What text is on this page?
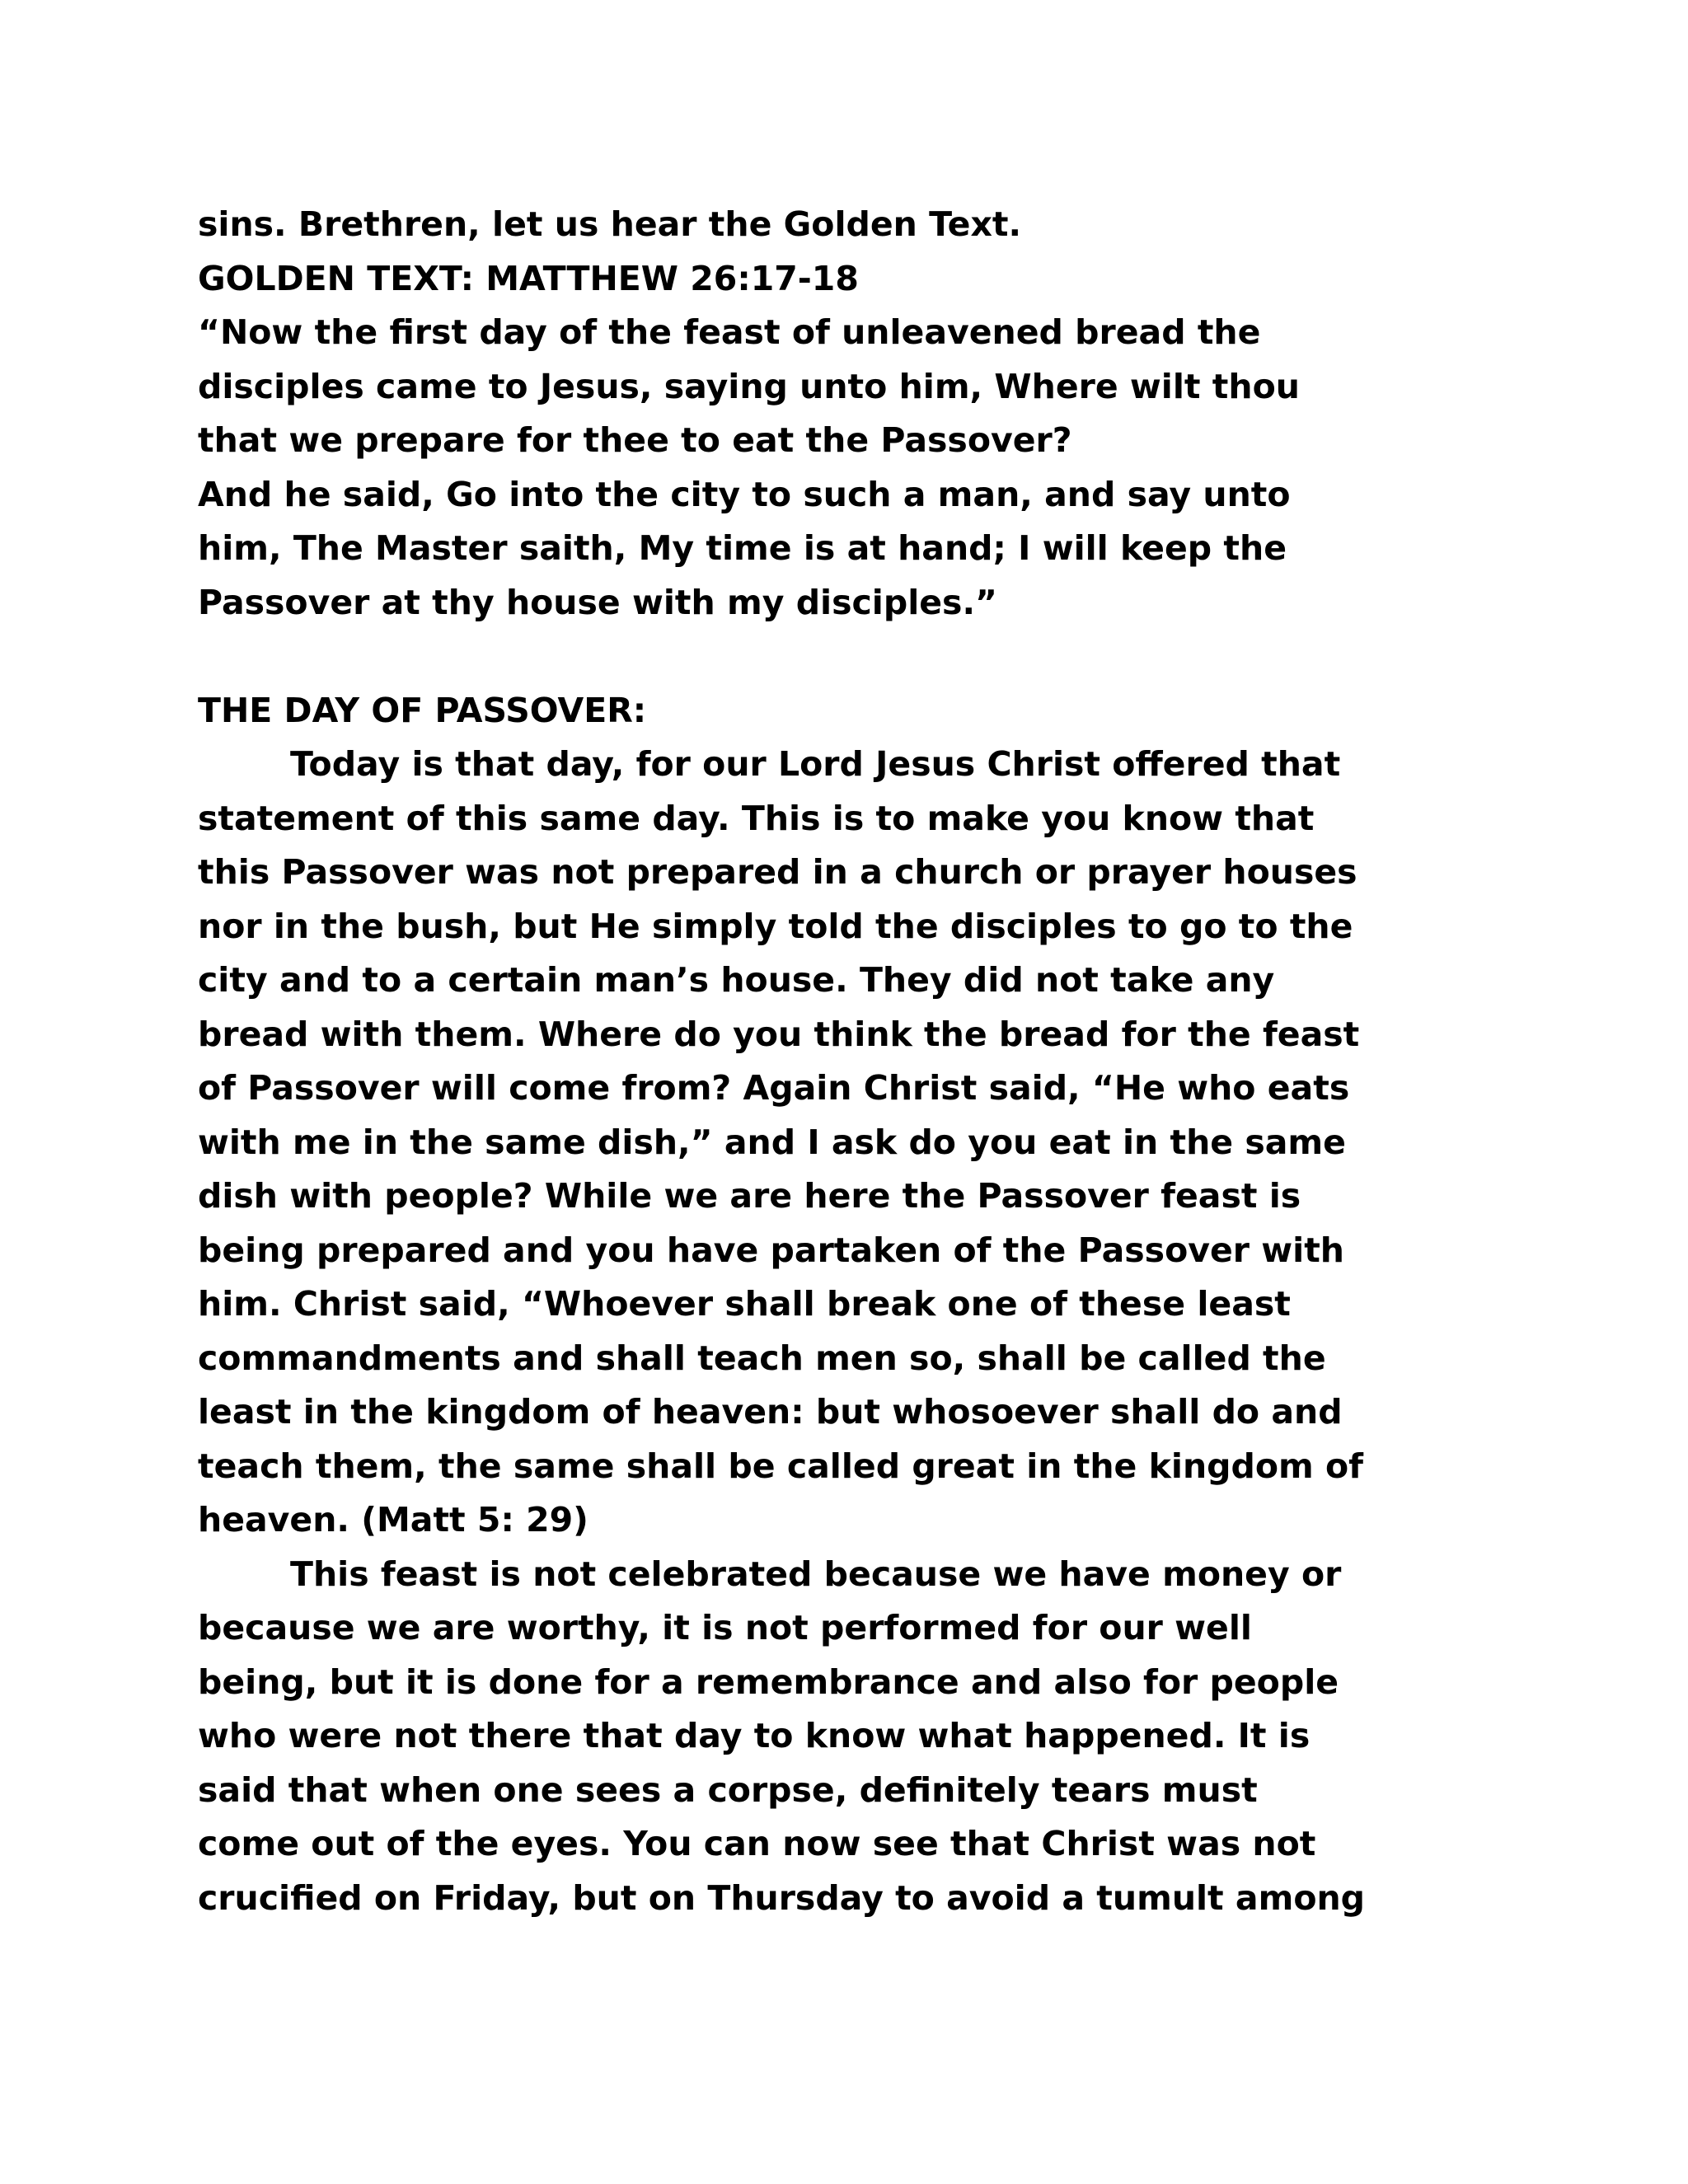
sins. Brethren, let us hear the Golden Text.
GOLDEN TEXT: MATTHEW 26:17-18
“Now the first day of the feast of unleavened bread the
disciples came to Jesus, saying unto him, Where wilt thou
that we prepare for thee to eat the Passover?
And he said, Go into the city to such a man, and say unto
him, The Master saith, My time is at hand; I will keep the
Passover at thy house with my disciples.”
THE DAY OF PASSOVER:
Today is that day, for our Lord Jesus Christ offered that
statement of this same day. This is to make you know that
this Passover was not prepared in a church or prayer houses
nor in the bush, but He simply told the disciples to go to the
city and to a certain man’s house. They did not take any
bread with them. Where do you think the bread for the feast
of Passover will come from? Again Christ said, “He who eats
with me in the same dish,” and I ask do you eat in the same
dish with people? While we are here the Passover feast is
being prepared and you have partaken of the Passover with
him. Christ said, “Whoever shall break one of these least
commandments and shall teach men so, shall be called the
least in the kingdom of heaven: but whosoever shall do and
teach them, the same shall be called great in the kingdom of
heaven. (Matt 5: 29)
This feast is not celebrated because we have money or
because we are worthy, it is not performed for our well
being, but it is done for a remembrance and also for people
who were not there that day to know what happened. It is
said that when one sees a corpse, definitely tears must
come out of the eyes. You can now see that Christ was not
crucified on Friday, but on Thursday to avoid a tumult among
